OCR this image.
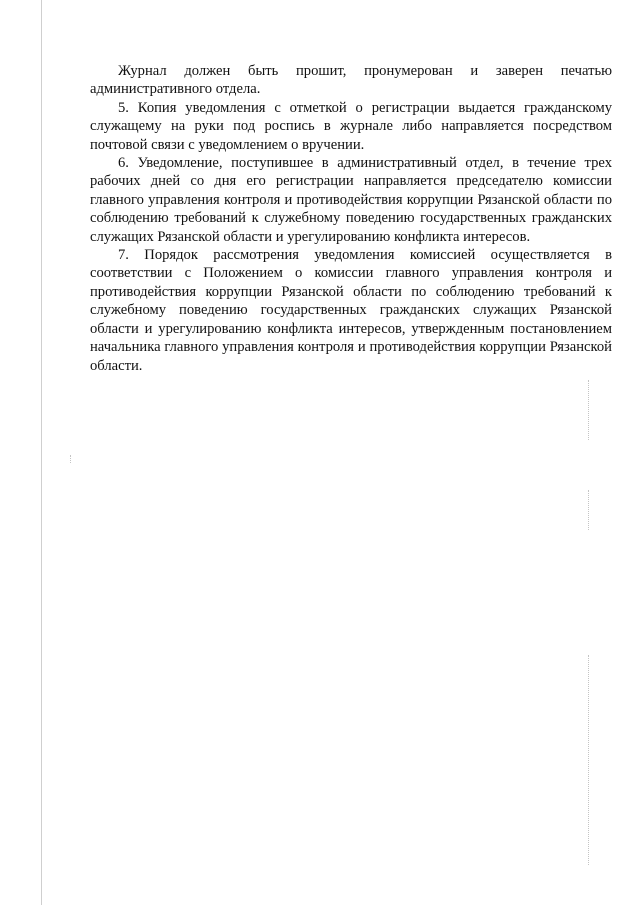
Журнал должен быть прошит, пронумерован и заверен печатью административного отдела.

5. Копия уведомления с отметкой о регистрации выдается гражданскому служащему на руки под роспись в журнале либо направляется посредством почтовой связи с уведомлением о вручении.

6. Уведомление, поступившее в административный отдел, в течение трех рабочих дней со дня его регистрации направляется председателю комиссии главного управления контроля и противодействия коррупции Рязанской области по соблюдению требований к служебному поведению государственных гражданских служащих Рязанской области и урегулированию конфликта интересов.

7. Порядок рассмотрения уведомления комиссией осуществляется в соответствии с Положением о комиссии главного управления контроля и противодействия коррупции Рязанской области по соблюдению требований к служебному поведению государственных гражданских служащих Рязанской области и урегулированию конфликта интересов, утвержденным постановлением начальника главного управления контроля и противодействия коррупции Рязанской области.
